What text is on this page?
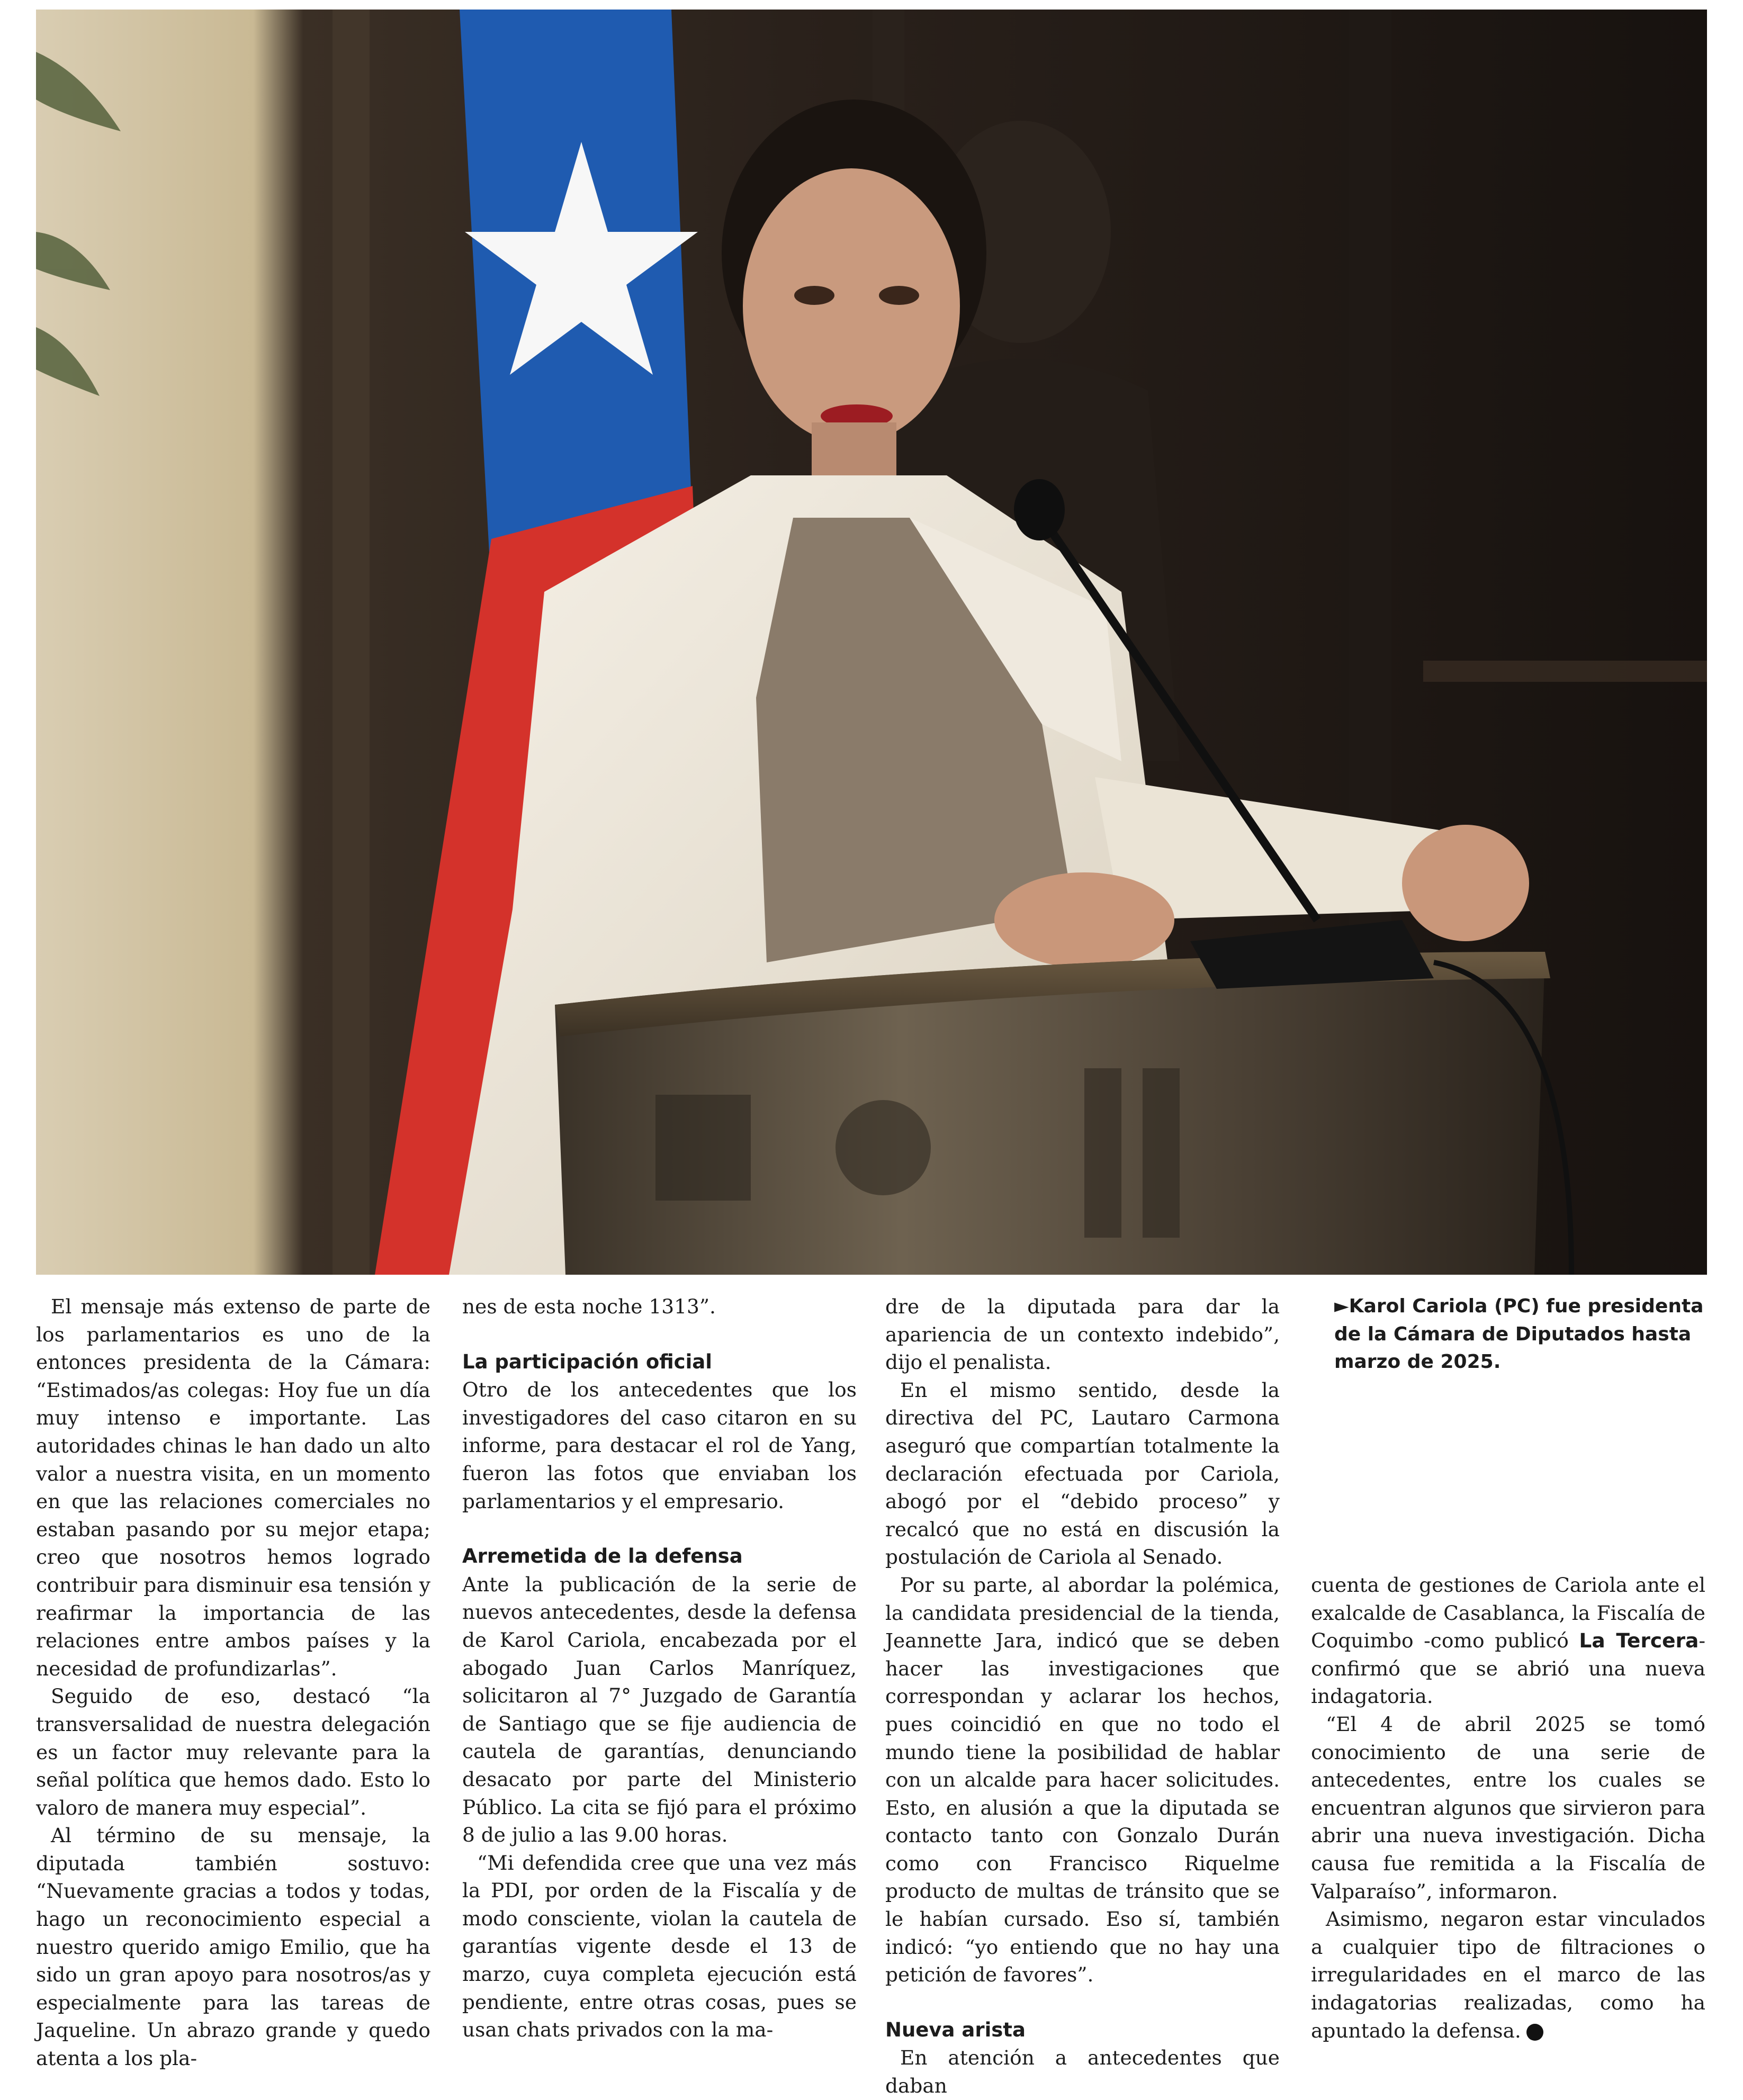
El mensaje más extenso de parte de los parlamentarios es uno de la entonces presidenta de la Cámara: “Estimados/as colegas: Hoy fue un día muy intenso e importante. Las autoridades chinas le han dado un alto valor a nuestra visita, en un momento en que las relaciones comerciales no estaban pasando por su mejor etapa; creo que nosotros hemos logrado contribuir para disminuir esa tensión y reafirmar la importancia de las relaciones entre ambos países y la necesidad de profundizarlas”.

Seguido de eso, destacó “la transversalidad de nuestra delegación es un factor muy relevante para la señal política que hemos dado. Esto lo valoro de manera muy especial”.

Al término de su mensaje, la diputada también sostuvo: “Nuevamente gracias a todos y todas, hago un reconocimiento especial a nuestro querido amigo Emilio, que ha sido un gran apoyo para nosotros/as y especialmente para las tareas de Jaqueline. Un abrazo grande y quedo atenta a los pla-

nes de esta noche 1313”.

La participación oficial

Otro de los antecedentes que los investigadores del caso citaron en su informe, para destacar el rol de Yang, fueron las fotos que enviaban los parlamentarios y el empresario.

Arremetida de la defensa

Ante la publicación de la serie de nuevos antecedentes, desde la defensa de Karol Cariola, encabezada por el abogado Juan Carlos Manríquez, solicitaron al 7° Juzgado de Garantía de Santiago que se fije audiencia de cautela de garantías, denunciando desacato por parte del Ministerio Público. La cita se fijó para el próximo 8 de julio a las 9.00 horas.

“Mi defendida cree que una vez más la PDI, por orden de la Fiscalía y de modo consciente, violan la cautela de garantías vigente desde el 13 de marzo, cuya completa ejecución está pendiente, entre otras cosas, pues se usan chats privados con la ma-

dre de la diputada para dar la apariencia de un contexto indebido”, dijo el penalista.

En el mismo sentido, desde la directiva del PC, Lautaro Carmona aseguró que compartían totalmente la declaración efectuada por Cariola, abogó por el “debido proceso” y recalcó que no está en discusión la postulación de Cariola al Senado.

Por su parte, al abordar la polémica, la candidata presidencial de la tienda, Jeannette Jara, indicó que se deben hacer las investigaciones que correspondan y aclarar los hechos, pues coincidió en que no todo el mundo tiene la posibilidad de hablar con un alcalde para hacer solicitudes. Esto, en alusión a que la diputada se contacto tanto con Gonzalo Durán como con Francisco Riquelme producto de multas de tránsito que se le habían cursado. Eso sí, también indicó: “yo entiendo que no hay una petición de favores”.

Nueva arista

En atención a antecedentes que daban

►Karol Cariola (PC) fue presidenta de la Cámara de Diputados hasta marzo de 2025.

cuenta de gestiones de Cariola ante el exalcalde de Casablanca, la Fiscalía de Coquimbo -como publicó La Tercera- confirmó que se abrió una nueva indagatoria.

“El 4 de abril 2025 se tomó conocimiento de una serie de antecedentes, entre los cuales se encuentran algunos que sirvieron para abrir una nueva investigación. Dicha causa fue remitida a la Fiscalía de Valparaíso”, informaron.

Asimismo, negaron estar vinculados a cualquier tipo de filtraciones o irregularidades en el marco de las indagatorias realizadas, como ha apuntado la defensa.
